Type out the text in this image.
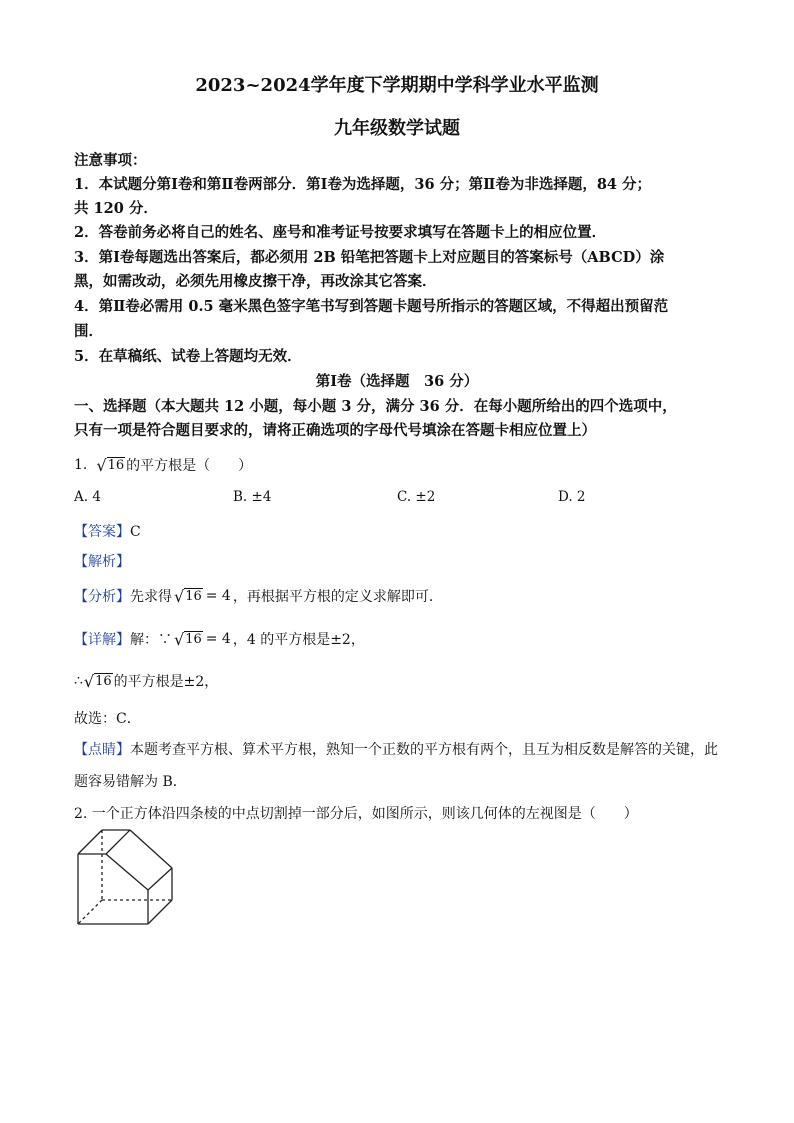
2023~2024学年度下学期期中学科学业水平监测
九年级数学试题
注意事项：
1．本试题分第Ⅰ卷和第Ⅱ卷两部分．第Ⅰ卷为选择题，36 分；第Ⅱ卷为非选择题，84 分；
共 120 分．
2．答卷前务必将自己的姓名、座号和准考证号按要求填写在答题卡上的相应位置．
3．第Ⅰ卷每题选出答案后，都必须用 2B 铅笔把答题卡上对应题目的答案标号（ABCD）涂
黑，如需改动，必须先用橡皮擦干净，再改涂其它答案．
4．第Ⅱ卷必需用 0.5 毫米黑色签字笔书写到答题卡题号所指示的答题区域，不得超出预留范
围．
5．在草稿纸、试卷上答题均无效．
第Ⅰ卷（选择题　36 分）
一、选择题（本大题共 12 小题，每小题 3 分，满分 36 分．在每小题所给出的四个选项中，
只有一项是符合题目要求的，请将正确选项的字母代号填涂在答题卡相应位置上）
1. √ 16 的平方根是（　　）
A. 4	B. ±4	C. ±2	D. 2
【答案】C
【解析】
【分析】 先求得 √ 16 = 4 ，再根据平方根的定义求解即可．
【详解】 解：∵ √ 16 = 4 ，4 的平方根是±2，
∴ √ 16 的平方根是±2，
故选：C．
【点睛】本题考查平方根、算术平方根，熟知一个正数的平方根有两个，且互为相反数是解答的关键，此
题容易错解为 B．
2. 一个正方体沿四条棱的中点切割掉一部分后，如图所示，则该几何体的左视图是（　　）
